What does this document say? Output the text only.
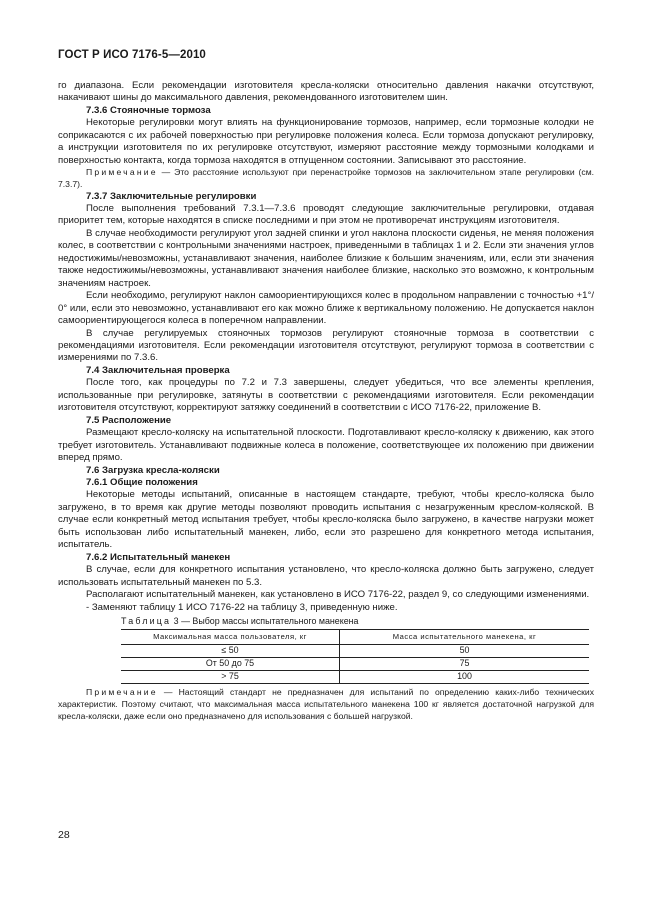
ГОСТ Р ИСО 7176-5—2010

го диапазона. Если рекомендации изготовителя кресла-коляски относительно давления накачки отсутствуют, накачивают шины до максимального давления, рекомендованного изготовителем шин.

7.3.6 Стояночные тормоза

Некоторые регулировки могут влиять на функционирование тормозов, например, если тормозные колодки не соприкасаются с их рабочей поверхностью при регулировке положения колеса. Если тормоза допускают регулировку, а инструкции изготовителя по их регулировке отсутствуют, измеряют расстояние между тормозными колодками и поверхностью контакта, когда тормоза находятся в отпущенном состоянии. Записывают это расстояние.

Примечание — Это расстояние используют при перенастройке тормозов на заключительном этапе регулировки (см. 7.3.7).

7.3.7 Заключительные регулировки

После выполнения требований 7.3.1—7.3.6 проводят следующие заключительные регулировки, отдавая приоритет тем, которые находятся в списке последними и при этом не противоречат инструкциям изготовителя.

В случае необходимости регулируют угол задней спинки и угол наклона плоскости сиденья, не меняя положения колес, в соответствии с контрольными значениями настроек, приведенными в таблицах 1 и 2. Если эти значения углов недостижимы/невозможны, устанавливают значения, наиболее близкие к большим значениям, или, если эти значения также недостижимы/невозможны, устанавливают значения наиболее близкие, насколько это возможно, к контрольным значениям настроек.

Если необходимо, регулируют наклон самоориентирующихся колес в продольном направлении с точностью +1°/ 0° или, если это невозможно, устанавливают его как можно ближе к вертикальному положению. Не допускается наклон самоориентирующегося колеса в поперечном направлении.

В случае регулируемых стояночных тормозов регулируют стояночные тормоза в соответствии с рекомендациями изготовителя. Если рекомендации изготовителя отсутствуют, регулируют тормоза в соответствии с измерениями по 7.3.6.

7.4 Заключительная проверка

После того, как процедуры по 7.2 и 7.3 завершены, следует убедиться, что все элементы крепления, использованные при регулировке, затянуты в соответствии с рекомендациями изготовителя. Если рекомендации изготовителя отсутствуют, корректируют затяжку соединений в соответствии с ИСО 7176-22, приложение В.

7.5 Расположение

Размещают кресло-коляску на испытательной плоскости. Подготавливают кресло-коляску к движению, как этого требует изготовитель. Устанавливают подвижные колеса в положение, соответствующее их положению при движении вперед прямо.

7.6 Загрузка кресла-коляски

7.6.1 Общие положения

Некоторые методы испытаний, описанные в настоящем стандарте, требуют, чтобы кресло-коляска было загружено, в то время как другие методы позволяют проводить испытания с незагруженным креслом-коляской. В случае если конкретный метод испытания требует, чтобы кресло-коляска было загружено, в качестве нагрузки может быть использован либо испытательный манекен, либо, если это разрешено для конкретного метода испытания, испытатель.

7.6.2 Испытательный манекен

В случае, если для конкретного испытания установлено, что кресло-коляска должно быть загружено, следует использовать испытательный манекен по 5.3.

Располагают испытательный манекен, как установлено в ИСО 7176-22, раздел 9, со следующими изменениями.

- Заменяют таблицу 1 ИСО 7176-22 на таблицу 3, приведенную ниже.

Таблица 3 — Выбор массы испытательного манекена

Максимальная масса пользователя, кг	Масса испытательного манекена, кг
≤ 50	50
От 50 до 75	75
> 75	100

Примечание — Настоящий стандарт не предназначен для испытаний по определению каких-либо технических характеристик. Поэтому считают, что максимальная масса испытательного манекена 100 кг является достаточной нагрузкой для кресла-коляски, даже если оно предназначено для использования с большей нагрузкой.

28
